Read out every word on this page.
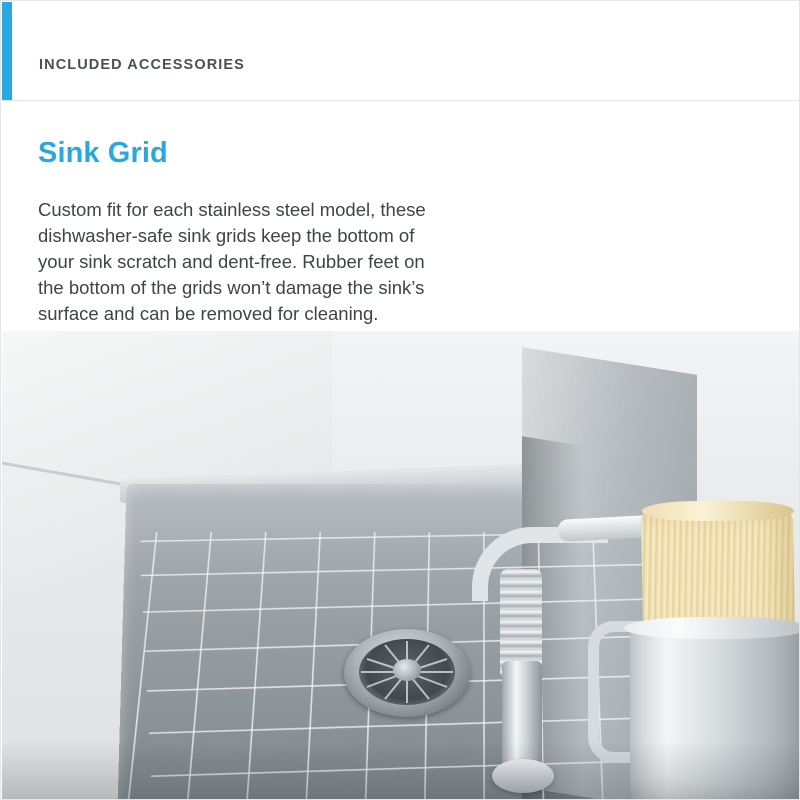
INCLUDED ACCESSORIES
Sink Grid
Custom fit for each stainless steel model, these dishwasher-safe sink grids keep the bottom of your sink scratch and dent-free. Rubber feet on the bottom of the grids won’t damage the sink’s surface and can be removed for cleaning.
